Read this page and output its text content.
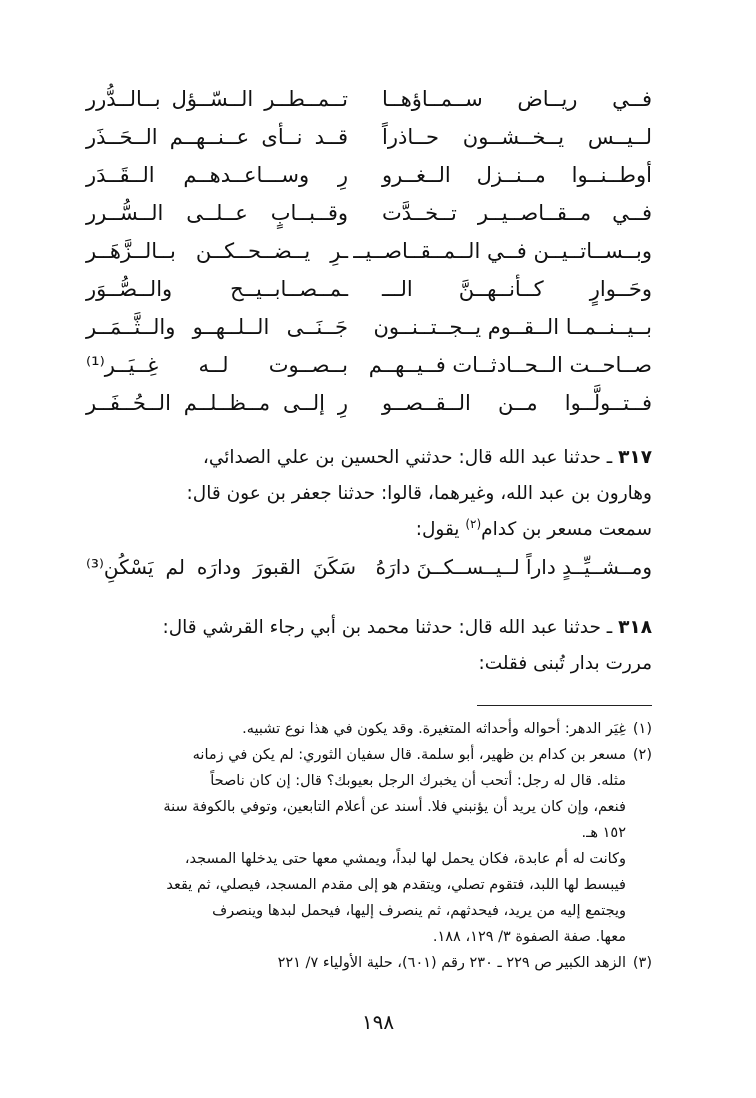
فــي ريــاض ســمــاؤهــا
تــمــطــر الــسّــؤل بــالــدُّرر
لــيــس يــخــشــون حــاذراً
قــد نــأى عــنــهــم الــحَــذَر
أوطــنــوا مــنــزل الــغــرو
رِ وســـاعــدهــم الــقَــدَر
فــي مــقــاصــيــر تــخــدَّت
وقــبــابٍ عــلــى الــسُّــرر
وبــســاتــيــن فــي الــمــقــاصــيــ
ـرِ يــضــحــكــن بــالــزَّهَــر
وحَــوارٍ كــأنــهــنَّ الـــ
ـمــصــابــيــح والــصُّــوَر
بــيــنــمــا الــقــوم يــجــتــنــون
جَــنَــى الــلــهــو والــثَّــمَــر
صــاحــت الــحــادثــات فــيــهــم
بــصــوت لــه غِــيَــر⁽¹⁾
فــتــولَّــوا مــن الــقــصــو
رِ إلــى مــظــلــم الــحُــفَــر
٣١٧ ـ حدثنا عبد الله قال: حدثني الحسين بن علي الصدائي،
وهارون بن عبد الله، وغيرهما، قالوا: حدثنا جعفر بن عون قال:
سمعت مسعر بن كدام$^{(٢)}$ يقول:
ومــشــيِّــدٍ داراً لــيــســكــنَ دارَهُ
سَكَنَ القبورَ ودارَه لم يَسْكُنِ⁽³⁾
٣١٨ ـ حدثنا عبد الله قال: حدثنا محمد بن أبي رجاء القرشي قال:
مررت بدار تُبنى فقلت:
(١)
غِيَر الدهر: أحواله وأحداثه المتغيرة. وقد يكون في هذا نوع تشبيه.
(٢)
مسعر بن كدام بن ظهير، أبو سلمة. قال سفيان الثوري: لم يكن في زمانه
مثله. قال له رجل: أتحب أن يخبرك الرجل بعيوبك؟ قال: إن كان ناصحاً
فنعم، وإن كان يريد أن يؤنبني فلا. أسند عن أعلام التابعين، وتوفي بالكوفة سنة
١٥٢ هـ.
وكانت له أم عابدة، فكان يحمل لها لبداً، ويمشي معها حتى يدخلها المسجد،
فيبسط لها اللبد، فتقوم تصلي، ويتقدم هو إلى مقدم المسجد، فيصلي، ثم يقعد
ويجتمع إليه من يريد، فيحدثهم، ثم ينصرف إليها، فيحمل لبدها وينصرف
معها. صفة الصفوة ٣/ ١٢٩، ١٨٨.
(٣)
الزهد الكبير ص ٢٢٩ ـ ٢٣٠ رقم (٦٠١)، حلية الأولياء ٧/ ٢٢١
١٩٨
